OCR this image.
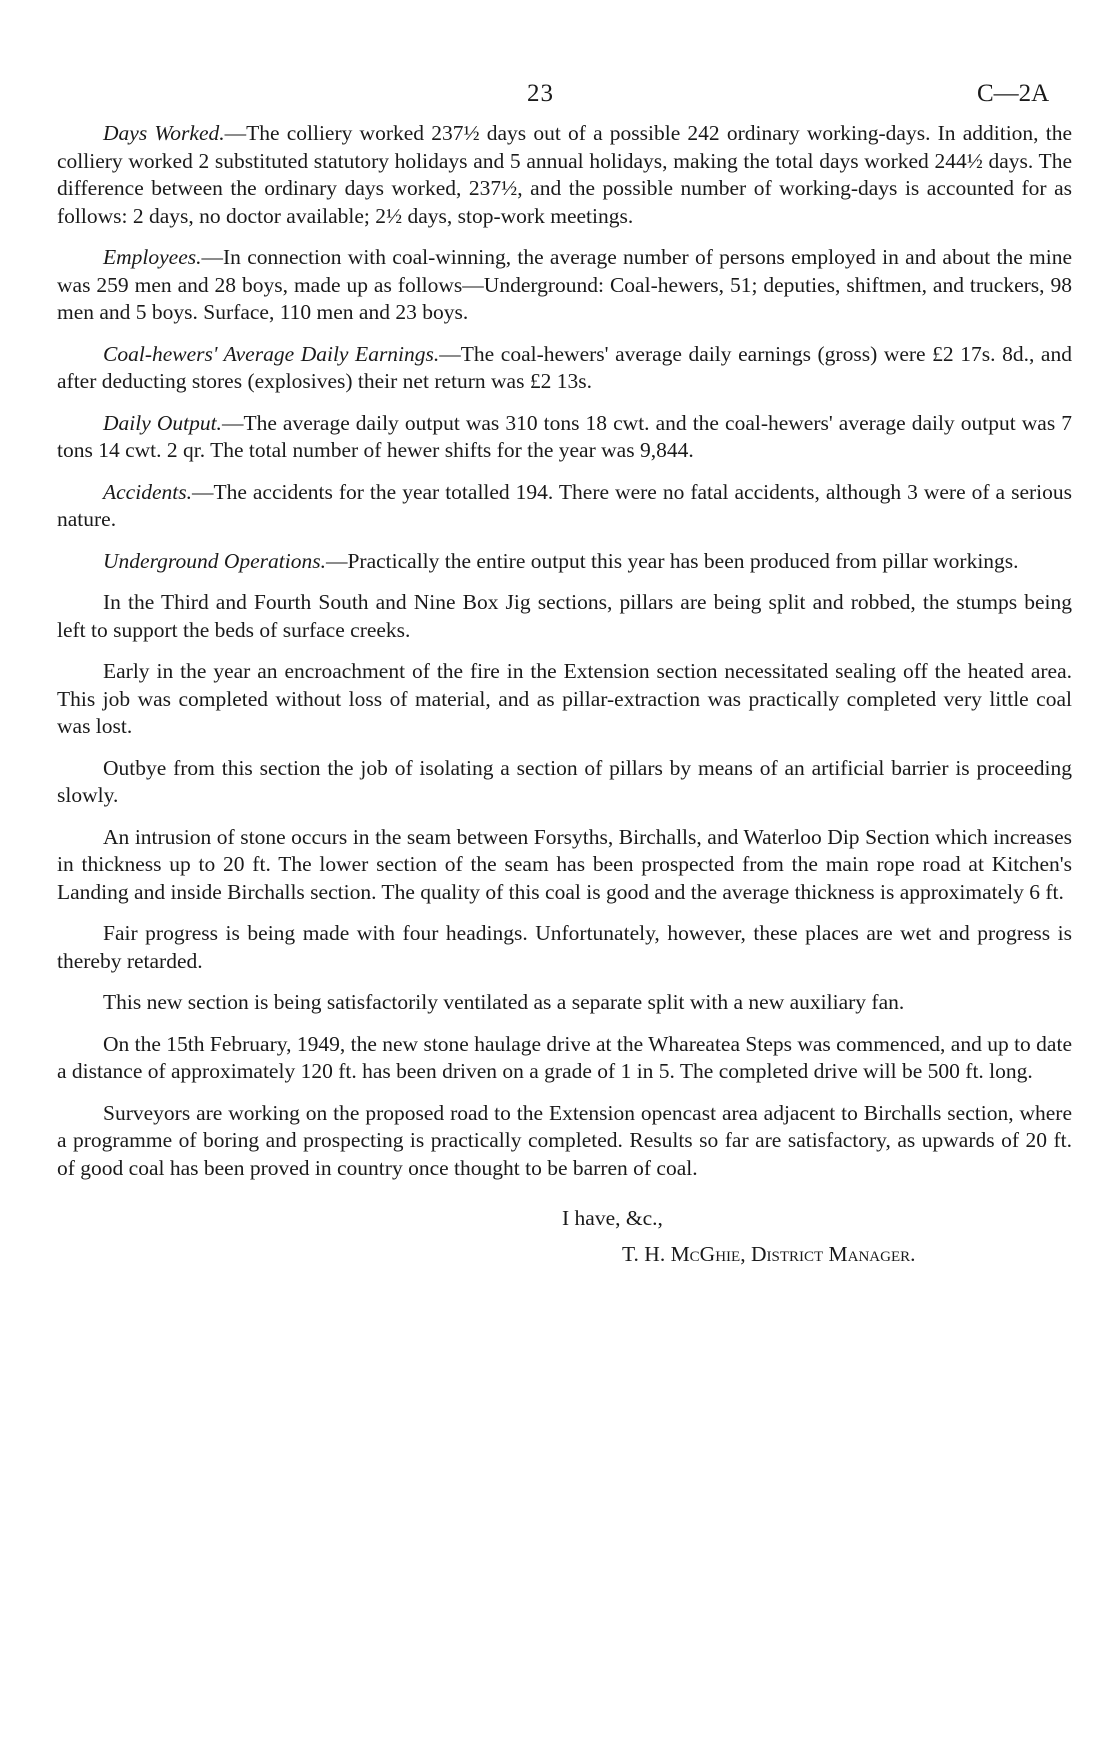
23	C—2A

Days Worked.—The colliery worked 237½ days out of a possible 242 ordinary working-days. In addition, the colliery worked 2 substituted statutory holidays and 5 annual holidays, making the total days worked 244½ days. The difference between the ordinary days worked, 237½, and the possible number of working-days is accounted for as follows: 2 days, no doctor available; 2½ days, stop-work meetings.

Employees.—In connection with coal-winning, the average number of persons employed in and about the mine was 259 men and 28 boys, made up as follows—Underground: Coal-hewers, 51; deputies, shiftmen, and truckers, 98 men and 5 boys. Surface, 110 men and 23 boys.

Coal-hewers' Average Daily Earnings.—The coal-hewers' average daily earnings (gross) were £2 17s. 8d., and after deducting stores (explosives) their net return was £2 13s.

Daily Output.—The average daily output was 310 tons 18 cwt. and the coal-hewers' average daily output was 7 tons 14 cwt. 2 qr. The total number of hewer shifts for the year was 9,844.

Accidents.—The accidents for the year totalled 194. There were no fatal accidents, although 3 were of a serious nature.

Underground Operations.—Practically the entire output this year has been produced from pillar workings.

In the Third and Fourth South and Nine Box Jig sections, pillars are being split and robbed, the stumps being left to support the beds of surface creeks.

Early in the year an encroachment of the fire in the Extension section necessitated sealing off the heated area. This job was completed without loss of material, and as pillar-extraction was practically completed very little coal was lost.

Outbye from this section the job of isolating a section of pillars by means of an artificial barrier is proceeding slowly.

An intrusion of stone occurs in the seam between Forsyths, Birchalls, and Waterloo Dip Section which increases in thickness up to 20 ft. The lower section of the seam has been prospected from the main rope road at Kitchen's Landing and inside Birchalls section. The quality of this coal is good and the average thickness is approximately 6 ft.

Fair progress is being made with four headings. Unfortunately, however, these places are wet and progress is thereby retarded.

This new section is being satisfactorily ventilated as a separate split with a new auxiliary fan.

On the 15th February, 1949, the new stone haulage drive at the Whareatea Steps was commenced, and up to date a distance of approximately 120 ft. has been driven on a grade of 1 in 5. The completed drive will be 500 ft. long.

Surveyors are working on the proposed road to the Extension opencast area adjacent to Birchalls section, where a programme of boring and prospecting is practically completed. Results so far are satisfactory, as upwards of 20 ft. of good coal has been proved in country once thought to be barren of coal.

I have, &c.,
T. H. McGhie, District Manager.
